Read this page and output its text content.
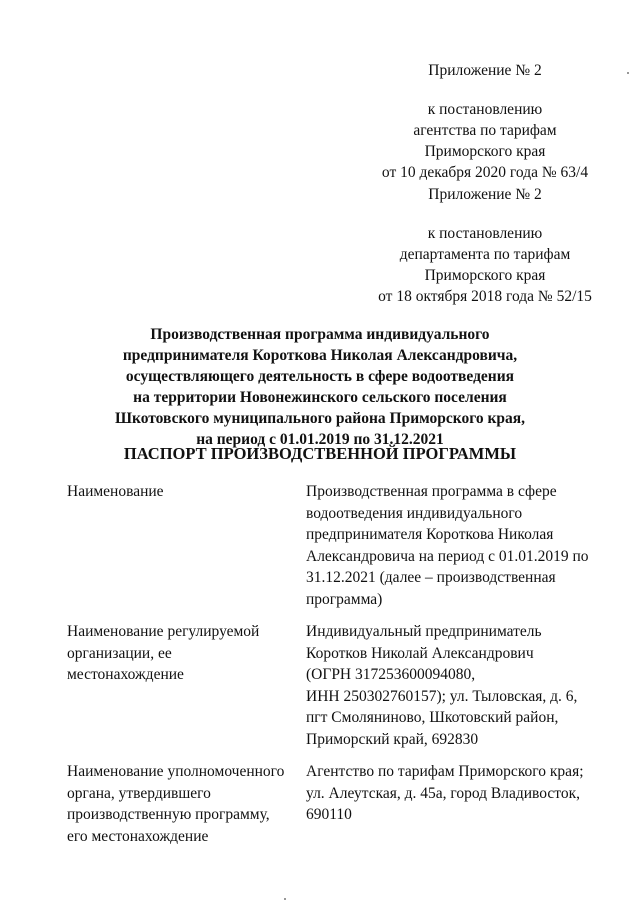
Приложение № 2
к постановлению
агентства по тарифам
Приморского края
от 10 декабря 2020 года № 63/4
Приложение № 2
к постановлению
департамента по тарифам
Приморского края
от 18 октября 2018 года № 52/15
Производственная программа индивидуального
предпринимателя Короткова Николая Александровича,
осуществляющего деятельность в сфере водоотведения
на территории Новонежинского сельского поселения
Шкотовского муниципального района Приморского края,
на период с 01.01.2019 по 31.12.2021
ПАСПОРТ ПРОИЗВОДСТВЕННОЙ ПРОГРАММЫ
Наименование	Производственная программа в сфере
водоотведения индивидуального
предпринимателя Короткова Николая
Александровича на период с 01.01.2019 по
31.12.2021 (далее – производственная
программа)
Наименование регулируемой
организации, ее
местонахождение
Индивидуальный предприниматель
Коротков Николай Александрович
(ОГРН 317253600094080,
ИНН 250302760157); ул. Тыловская, д. 6,
пгт Смоляниново, Шкотовский район,
Приморский край, 692830
Наименование уполномоченного
органа, утвердившего
производственную программу,
его местонахождение
Агентство по тарифам Приморского края;
ул. Алеутская, д. 45а, город Владивосток,
690110
